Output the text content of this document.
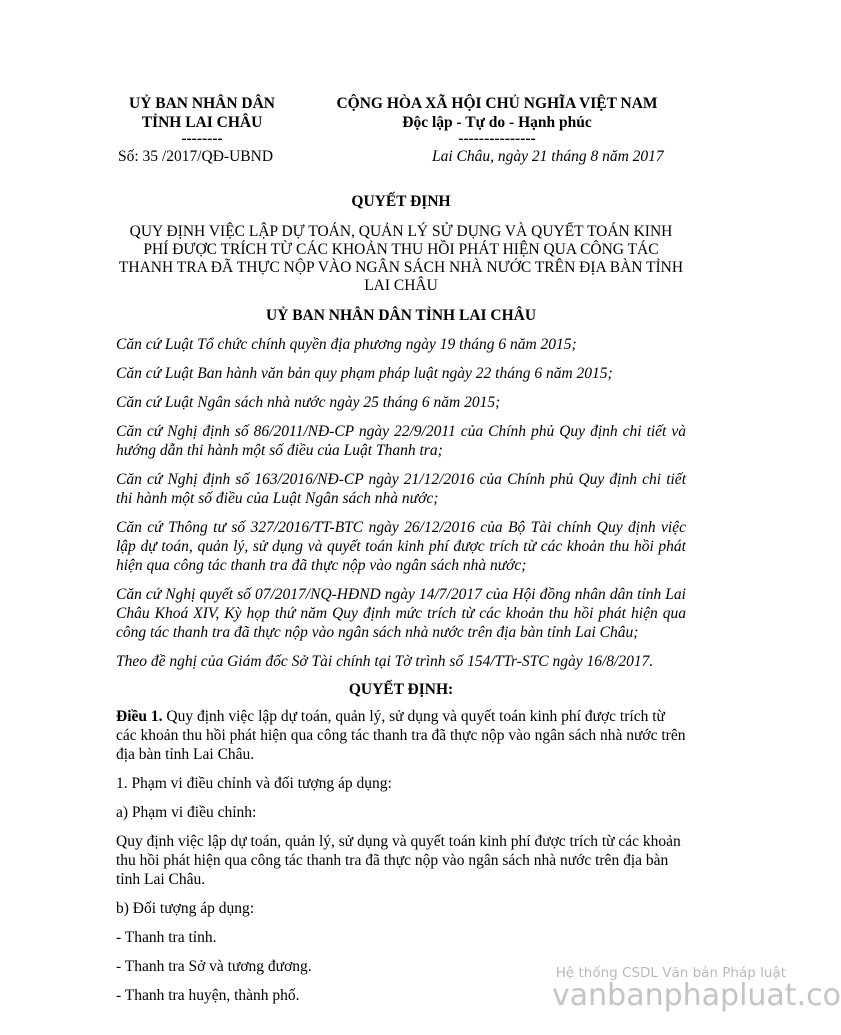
UỶ BAN NHÂN DÂN
TỈNH LAI CHÂU
--------
Số: 35 /2017/QĐ-UBND
CỘNG HÒA XÃ HỘI CHỦ NGHĨA VIỆT NAM
Độc lập - Tự do - Hạnh phúc
---------------
Lai Châu, ngày 21 tháng 8 năm 2017

QUYẾT ĐỊNH

QUY ĐỊNH VIỆC LẬP DỰ TOÁN, QUẢN LÝ SỬ DỤNG VÀ QUYẾT TOÁN KINH PHÍ ĐƯỢC TRÍCH TỪ CÁC KHOẢN THU HỒI PHÁT HIỆN QUA CÔNG TÁC THANH TRA ĐÃ THỰC NỘP VÀO NGÂN SÁCH NHÀ NƯỚC TRÊN ĐỊA BÀN TỈNH LAI CHÂU

UỶ BAN NHÂN DÂN TỈNH LAI CHÂU

Căn cứ Luật Tổ chức chính quyền địa phương ngày 19 tháng 6 năm 2015;

Căn cứ Luật Ban hành văn bản quy phạm pháp luật ngày 22 tháng 6 năm 2015;

Căn cứ Luật Ngân sách nhà nước ngày 25 tháng 6 năm 2015;

Căn cứ Nghị định số 86/2011/NĐ-CP ngày 22/9/2011 của Chính phủ Quy định chi tiết và hướng dẫn thi hành một số điều của Luật Thanh tra;

Căn cứ Nghị định số 163/2016/NĐ-CP ngày 21/12/2016 của Chính phủ Quy định chi tiết thi hành một số điều của Luật Ngân sách nhà nước;

Căn cứ Thông tư số 327/2016/TT-BTC ngày 26/12/2016 của Bộ Tài chính Quy định việc lập dự toán, quản lý, sử dụng và quyết toán kinh phí được trích từ các khoản thu hồi phát hiện qua công tác thanh tra đã thực nộp vào ngân sách nhà nước;

Căn cứ Nghị quyết số 07/2017/NQ-HĐND ngày 14/7/2017 của Hội đồng nhân dân tỉnh Lai Châu Khoá XIV, Kỳ họp thứ năm Quy định mức trích từ các khoản thu hồi phát hiện qua công tác thanh tra đã thực nộp vào ngân sách nhà nước trên địa bàn tỉnh Lai Châu;

Theo đề nghị của Giám đốc Sở Tài chính tại Tờ trình số 154/TTr-STC ngày 16/8/2017.

QUYẾT ĐỊNH:

Điều 1. Quy định việc lập dự toán, quản lý, sử dụng và quyết toán kinh phí được trích từ các khoản thu hồi phát hiện qua công tác thanh tra đã thực nộp vào ngân sách nhà nước trên địa bàn tỉnh Lai Châu.

1. Phạm vi điều chỉnh và đối tượng áp dụng:

a) Phạm vi điều chỉnh:

Quy định việc lập dự toán, quản lý, sử dụng và quyết toán kinh phí được trích từ các khoản thu hồi phát hiện qua công tác thanh tra đã thực nộp vào ngân sách nhà nước trên địa bàn tỉnh Lai Châu.

b) Đối tượng áp dụng:

- Thanh tra tỉnh.

- Thanh tra Sở và tương đương.

- Thanh tra huyện, thành phố.

Hệ thống CSDL Văn bản Pháp luật
vanbanphapluat.co
